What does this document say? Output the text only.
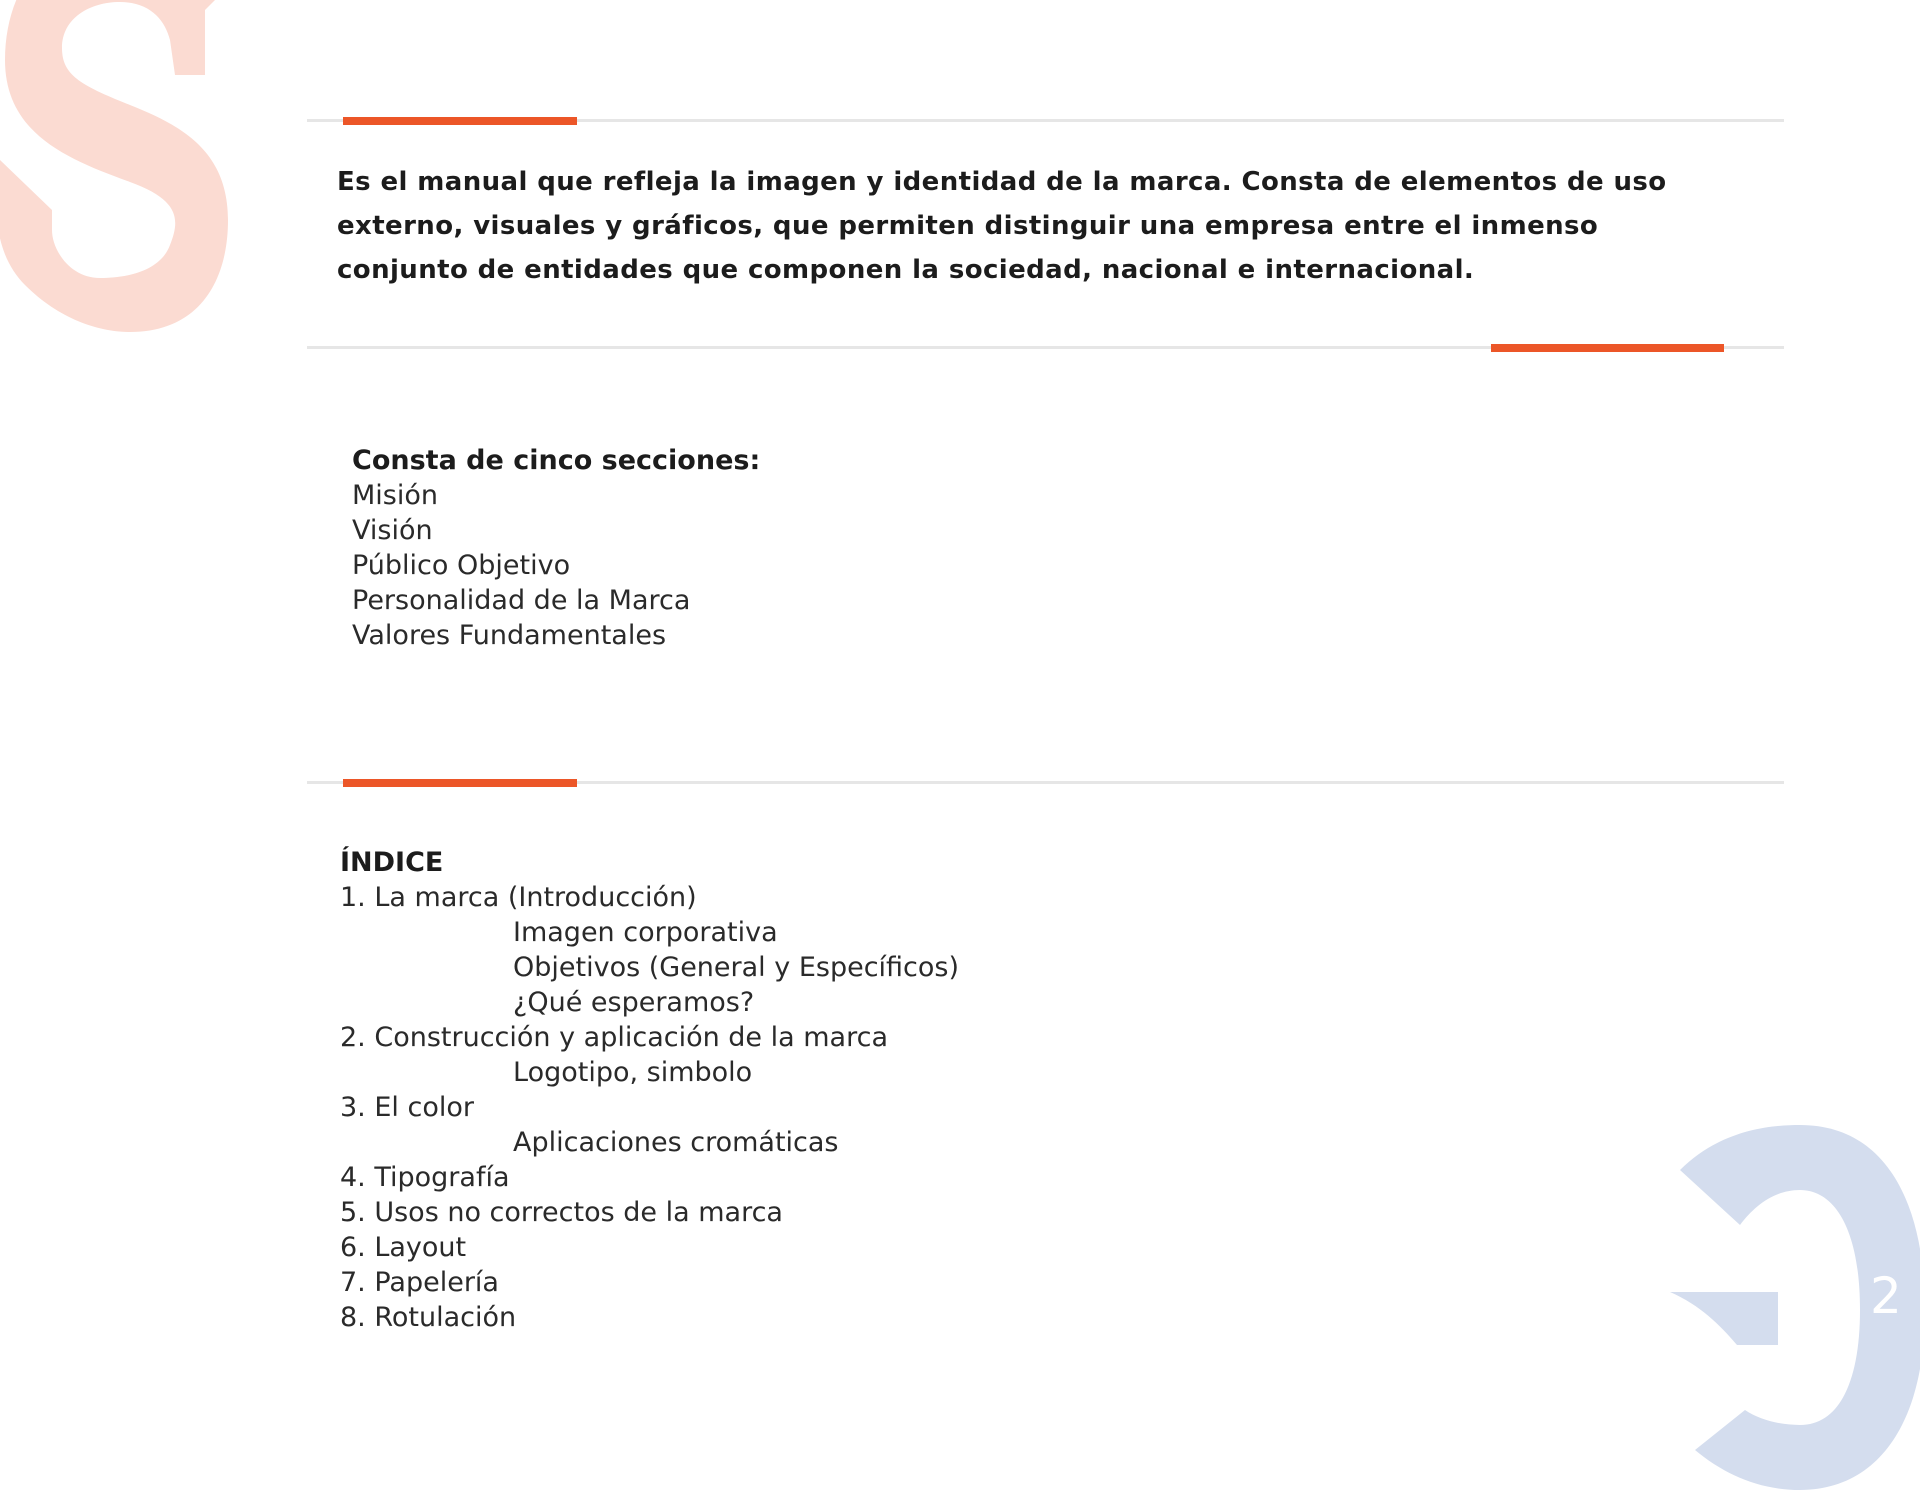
Es el manual que refleja la imagen y identidad de la marca. Consta de elementos de uso externo, visuales y gráficos, que permiten distinguir una empresa entre el inmenso conjunto de entidades que componen la sociedad, nacional e internacional.

Consta de cinco secciones:
Misión
Visión
Público Objetivo
Personalidad de la Marca
Valores Fundamentales
ÍNDICE
1. La marca (Introducción)
Imagen corporativa
Objetivos (General y Específicos)
¿Qué esperamos?
2. Construcción y aplicación de la marca
Logotipo, simbolo
3. El color
Aplicaciones cromáticas
4. Tipografía
5. Usos no correctos de la marca
6. Layout
7. Papelería
8. Rotulación	2
